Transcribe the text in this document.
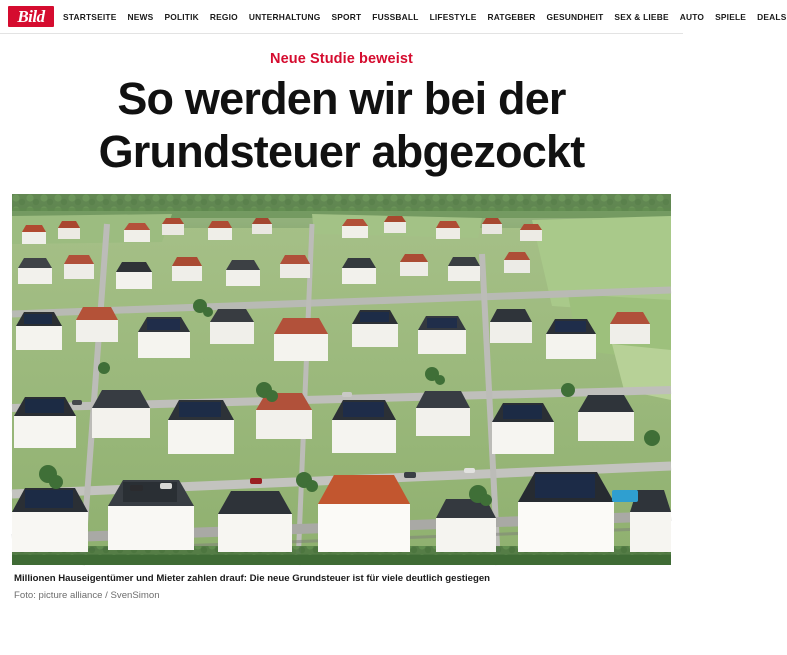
Bild	STARTSEITE NEWS POLITIK REGIO UNTERHALTUNG SPORT FUSSBALL LIFESTYLE RATGEBER GESUNDHEIT SEX & LIEBE AUTO SPIELE DEALS
Neue Studie beweist
So werden wir bei der
Grundsteuer abgezockt
Millionen Hauseigentümer und Mieter zahlen drauf: Die neue Grundsteuer ist für viele deutlich gestiegen
Foto: picture alliance / SvenSimon
